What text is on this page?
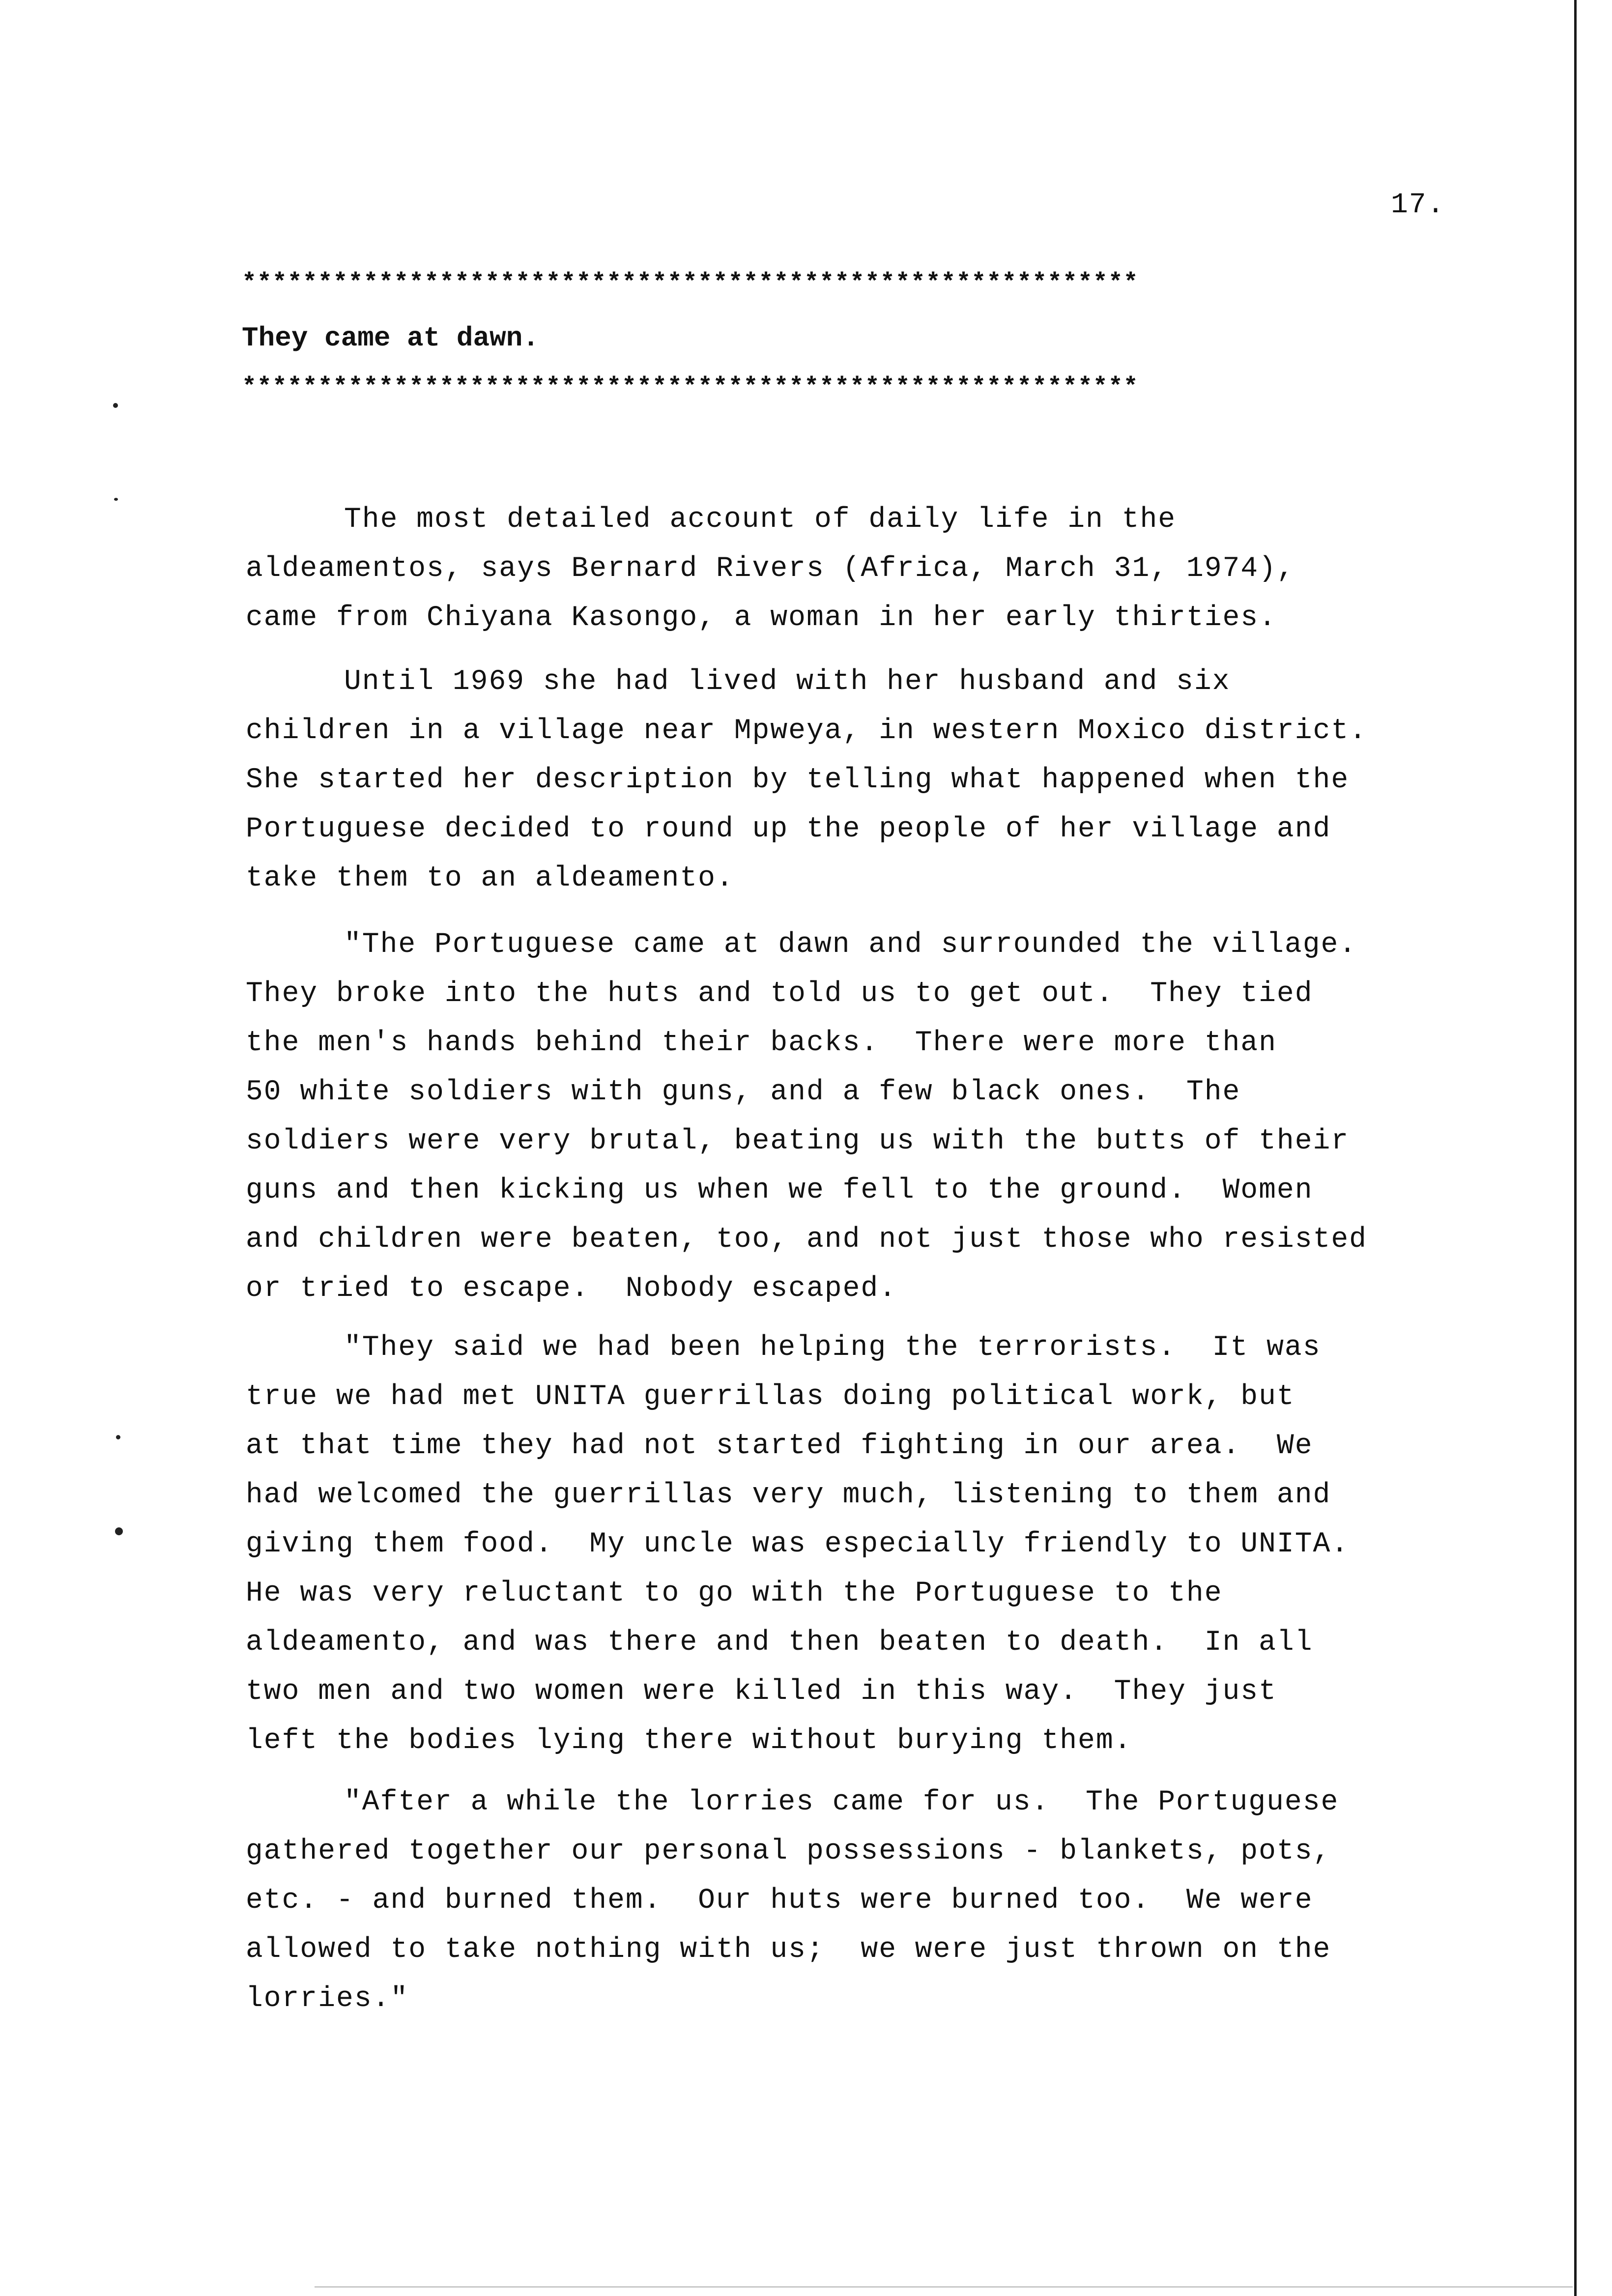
17.
***********************************************************
They came at dawn.
***********************************************************
The most detailed account of daily life in the
aldeamentos, says Bernard Rivers (Africa, March 31, 1974),
came from Chiyana Kasongo, a woman in her early thirties.
Until 1969 she had lived with her husband and six
children in a village near Mpweya, in western Moxico district.
She started her description by telling what happened when the
Portuguese decided to round up the people of her village and
take them to an aldeamento.
"The Portuguese came at dawn and surrounded the village.
They broke into the huts and told us to get out.  They tied
the men's hands behind their backs.  There were more than
50 white soldiers with guns, and a few black ones.  The
soldiers were very brutal, beating us with the butts of their
guns and then kicking us when we fell to the ground.  Women
and children were beaten, too, and not just those who resisted
or tried to escape.  Nobody escaped.
"They said we had been helping the terrorists.  It was
true we had met UNITA guerrillas doing political work, but
at that time they had not started fighting in our area.  We
had welcomed the guerrillas very much, listening to them and
giving them food.  My uncle was especially friendly to UNITA.
He was very reluctant to go with the Portuguese to the
aldeamento, and was there and then beaten to death.  In all
two men and two women were killed in this way.  They just
left the bodies lying there without burying them.
"After a while the lorries came for us.  The Portuguese
gathered together our personal possessions - blankets, pots,
etc. - and burned them.  Our huts were burned too.  We were
allowed to take nothing with us;  we were just thrown on the
lorries."
